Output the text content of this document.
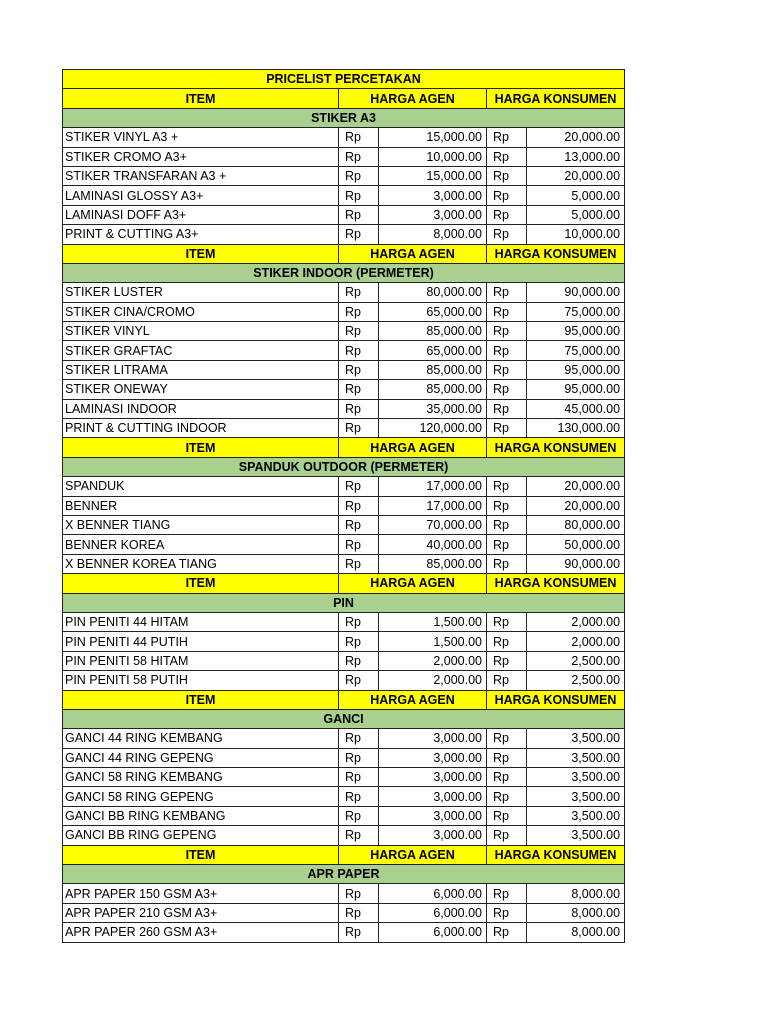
PRICELIST PERCETAKAN				
ITEM	HARGA AGEN		HARGA KONSUMEN	
STIKER A3				
STIKER VINYL A3 +	Rp	15,000.00	Rp	20,000.00
STIKER CROMO A3+	Rp	10,000.00	Rp	13,000.00
STIKER TRANSFARAN A3 +	Rp	15,000.00	Rp	20,000.00
LAMINASI GLOSSY A3+	Rp	3,000.00	Rp	5,000.00
LAMINASI DOFF A3+	Rp	3,000.00	Rp	5,000.00
PRINT & CUTTING A3+	Rp	8,000.00	Rp	10,000.00
ITEM	HARGA AGEN		HARGA KONSUMEN	
STIKER INDOOR (PERMETER)				
STIKER LUSTER	Rp	80,000.00	Rp	90,000.00
STIKER CINA/CROMO	Rp	65,000.00	Rp	75,000.00
STIKER VINYL	Rp	85,000.00	Rp	95,000.00
STIKER GRAFTAC	Rp	65,000.00	Rp	75,000.00
STIKER LITRAMA	Rp	85,000.00	Rp	95,000.00
STIKER ONEWAY	Rp	85,000.00	Rp	95,000.00
LAMINASI INDOOR	Rp	35,000.00	Rp	45,000.00
PRINT & CUTTING INDOOR	Rp	120,000.00	Rp	130,000.00
ITEM	HARGA AGEN		HARGA KONSUMEN	
SPANDUK OUTDOOR (PERMETER)				
SPANDUK	Rp	17,000.00	Rp	20,000.00
BENNER	Rp	17,000.00	Rp	20,000.00
X BENNER TIANG	Rp	70,000.00	Rp	80,000.00
BENNER KOREA	Rp	40,000.00	Rp	50,000.00
X BENNER KOREA TIANG	Rp	85,000.00	Rp	90,000.00
ITEM	HARGA AGEN		HARGA KONSUMEN	
PIN				
PIN PENITI 44 HITAM	Rp	1,500.00	Rp	2,000.00
PIN PENITI 44 PUTIH	Rp	1,500.00	Rp	2,000.00
PIN PENITI 58 HITAM	Rp	2,000.00	Rp	2,500.00
PIN PENITI 58 PUTIH	Rp	2,000.00	Rp	2,500.00
ITEM	HARGA AGEN		HARGA KONSUMEN	
GANCI				
GANCI 44 RING KEMBANG	Rp	3,000.00	Rp	3,500.00
GANCI 44 RING GEPENG	Rp	3,000.00	Rp	3,500.00
GANCI 58 RING KEMBANG	Rp	3,000.00	Rp	3,500.00
GANCI 58 RING GEPENG	Rp	3,000.00	Rp	3,500.00
GANCI BB RING KEMBANG	Rp	3,000.00	Rp	3,500.00
GANCI BB RING GEPENG	Rp	3,000.00	Rp	3,500.00
ITEM	HARGA AGEN		HARGA KONSUMEN	
APR PAPER				
APR PAPER 150 GSM A3+	Rp	6,000.00	Rp	8,000.00
APR PAPER 210 GSM A3+	Rp	6,000.00	Rp	8,000.00
APR PAPER 260 GSM A3+	Rp	6,000.00	Rp	8,000.00
